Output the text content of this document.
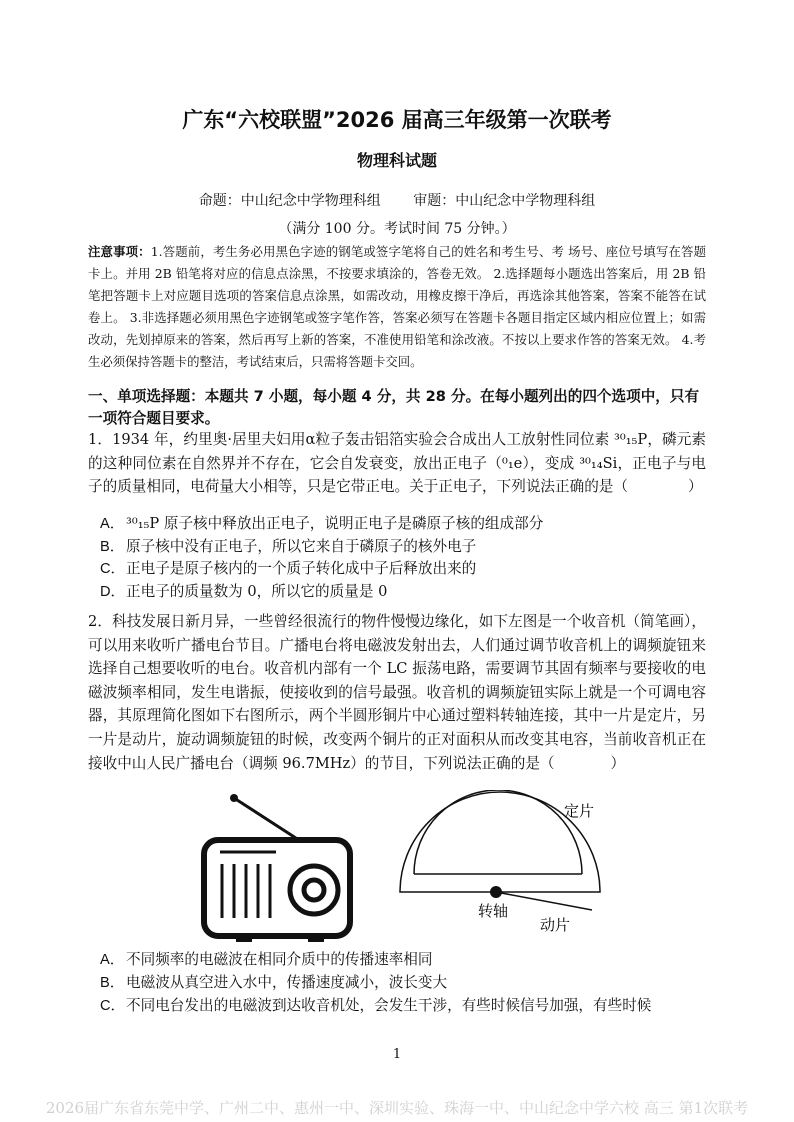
广东“六校联盟”2026 届高三年级第一次联考
物理科试题
命题：中山纪念中学物理科组 审题：中山纪念中学物理科组
（满分 100 分。考试时间 75 分钟。）
注意事项：1.答题前，考生务必用黑色字迹的钢笔或签字笔将自己的姓名和考生号、考 场号、座位号填写在答题卡上。并用 2B 铅笔将对应的信息点涂黑，不按要求填涂的，答卷无效。 2.选择题每小题选出答案后，用 2B 铅笔把答题卡上对应题目选项的答案信息点涂黑，如需改动，用橡皮擦干净后，再选涂其他答案，答案不能答在试卷上。 3.非选择题必须用黑色字迹钢笔或签字笔作答，答案必须写在答题卡各题目指定区域内相应位置上；如需改动，先划掉原来的答案，然后再写上新的答案，不准使用铅笔和涂改液。不按以上要求作答的答案无效。 4.考生必须保持答题卡的整洁，考试结束后，只需将答题卡交回。
一、单项选择题：本题共 7 小题，每小题 4 分，共 28 分。在每小题列出的四个选项中，只有一项符合题目要求。
1．1934 年，约里奥·居里夫妇用α粒子轰击铝箔实验会合成出人工放射性同位素 ³⁰₁₅P，磷元素的这种同位素在自然界并不存在，它会自发衰变，放出正电子（⁰₁e），变成 ³⁰₁₄Si，正电子与电子的质量相同，电荷量大小相等，只是它带正电。关于正电子，下列说法正确的是（	）
A． ³⁰₁₅P 原子核中释放出正电子，说明正电子是磷原子核的组成部分
B． 原子核中没有正电子，所以它来自于磷原子的核外电子
C．正电子是原子核内的一个质子转化成中子后释放出来的
D．正电子的质量数为 0，所以它的质量是 0
2．科技发展日新月异，一些曾经很流行的物件慢慢边缘化，如下左图是一个收音机（简笔画），可以用来收听广播电台节目。广播电台将电磁波发射出去，人们通过调节收音机上的调频旋钮来选择自己想要收听的电台。收音机内部有一个 LC 振荡电路，需要调节其固有频率与要接收的电磁波频率相同，发生电谐振，使接收到的信号最强。收音机的调频旋钮实际上就是一个可调电容器，其原理简化图如下右图所示，两个半圆形铜片中心通过塑料转轴连接，其中一片是定片，另一片是动片，旋动调频旋钮的时候，改变两个铜片的正对面积从而改变其电容，当前收音机正在接收中山人民广播电台（调频 96.7MHz）的节目，下列说法正确的是（	）
定片
转轴
动片
A． 不同频率的电磁波在相同介质中的传播速率相同
B． 电磁波从真空进入水中，传播速度减小，波长变大
C．不同电台发出的电磁波到达收音机处，会发生干涉，有些时候信号加强，有些时候
1
2026届广东省东莞中学、广州二中、惠州一中、深圳实验、珠海一中、中山纪念中学六校 高三 第1次联考
